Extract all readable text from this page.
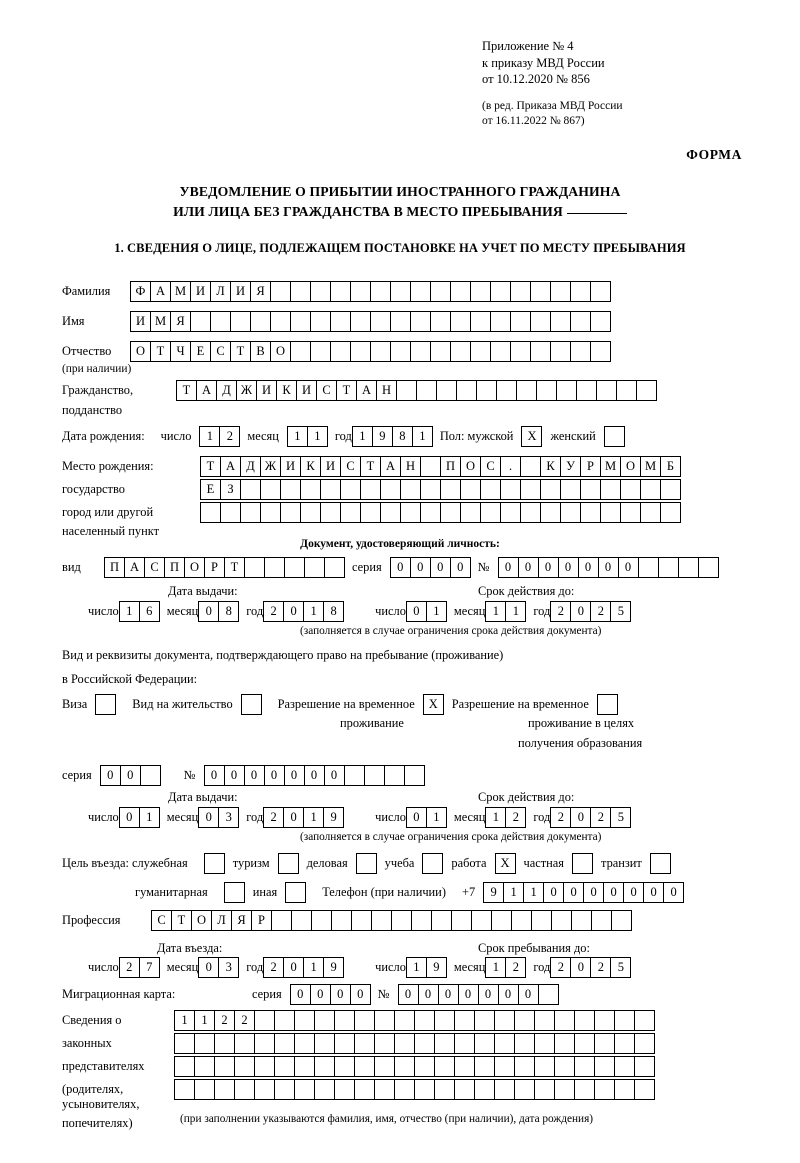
Приложение № 4
к приказу МВД России
от 10.12.2020 № 856
(в ред. Приказа МВД России
от 16.11.2022 № 867)
ФОРМА
УВЕДОМЛЕНИЕ О ПРИБЫТИИ ИНОСТРАННОГО ГРАЖДАНИНА
ИЛИ ЛИЦА БЕЗ ГРАЖДАНСТВА В МЕСТО ПРЕБЫВАНИЯ
1. СВЕДЕНИЯ О ЛИЦЕ, ПОДЛЕЖАЩЕМ ПОСТАНОВКЕ НА УЧЕТ ПО МЕСТУ ПРЕБЫВАНИЯ
Фамилия	Ф А М И Л И Я
Имя	И М Я
Отчество	О Т Ч Е С Т В О
(при наличии)
Гражданство,	Т А Д Ж И К И С Т А Н
подданство
Дата рождения: число	1	2	месяц	1	1	год 1	9	8	1	Пол: мужской	X	женский
Место рождения:	Т А Д Ж И К И С Т А Н	П О С	.	К У Р М О М Б
государство	Е	З
город или другой
населенный пункт
Документ, удостоверяющий личность:
вид	П А С П О Р	Т	серия	0	0	0	0	№	0	0	0	0	0	0	0
Дата выдачи:	Срок действия до:
число 1	6	месяц 0	8	год 2	0	1	8	число 0	1	месяц 1	1	год 2	0	2	5
(заполняется в случае ограничения срока действия документа)
Вид и реквизиты документа, подтверждающего право на пребывание (проживание)
в Российской Федерации:
Виза	Вид на жительство	Разрешение на временное	X	Разрешение на временное
проживание	проживание в целях
получения образования
серия	0	0	№	0	0	0	0	0	0	0
Дата выдачи:	Срок действия до:
число 0	1	месяц 0	3	год 2	0	1	9	число 0	1	месяц 1	2	год 2	0	2	5
(заполняется в случае ограничения срока действия документа)
Цель въезда: служебная	туризм	деловая	учеба	работа	X	частная	транзит
гуманитарная	иная	Телефон (при наличии) +7	9	1	1	0	0	0	0	0	0	0
Профессия	С Т О Л Я Р
Дата въезда:	Срок пребывания до:
число 2	7	месяц 0	3	год 2	0	1	9	число 1	9	месяц 1	2	год 2	0	2	5
Миграционная карта:	серия	0	0	0	0	№	0	0	0	0	0	0	0
Сведения о	1	1	2	2
законных
представителях
(родителях,
усыновителях,
попечителях)	(при заполнении указываются фамилия, имя, отчество (при наличии), дата рождения)
